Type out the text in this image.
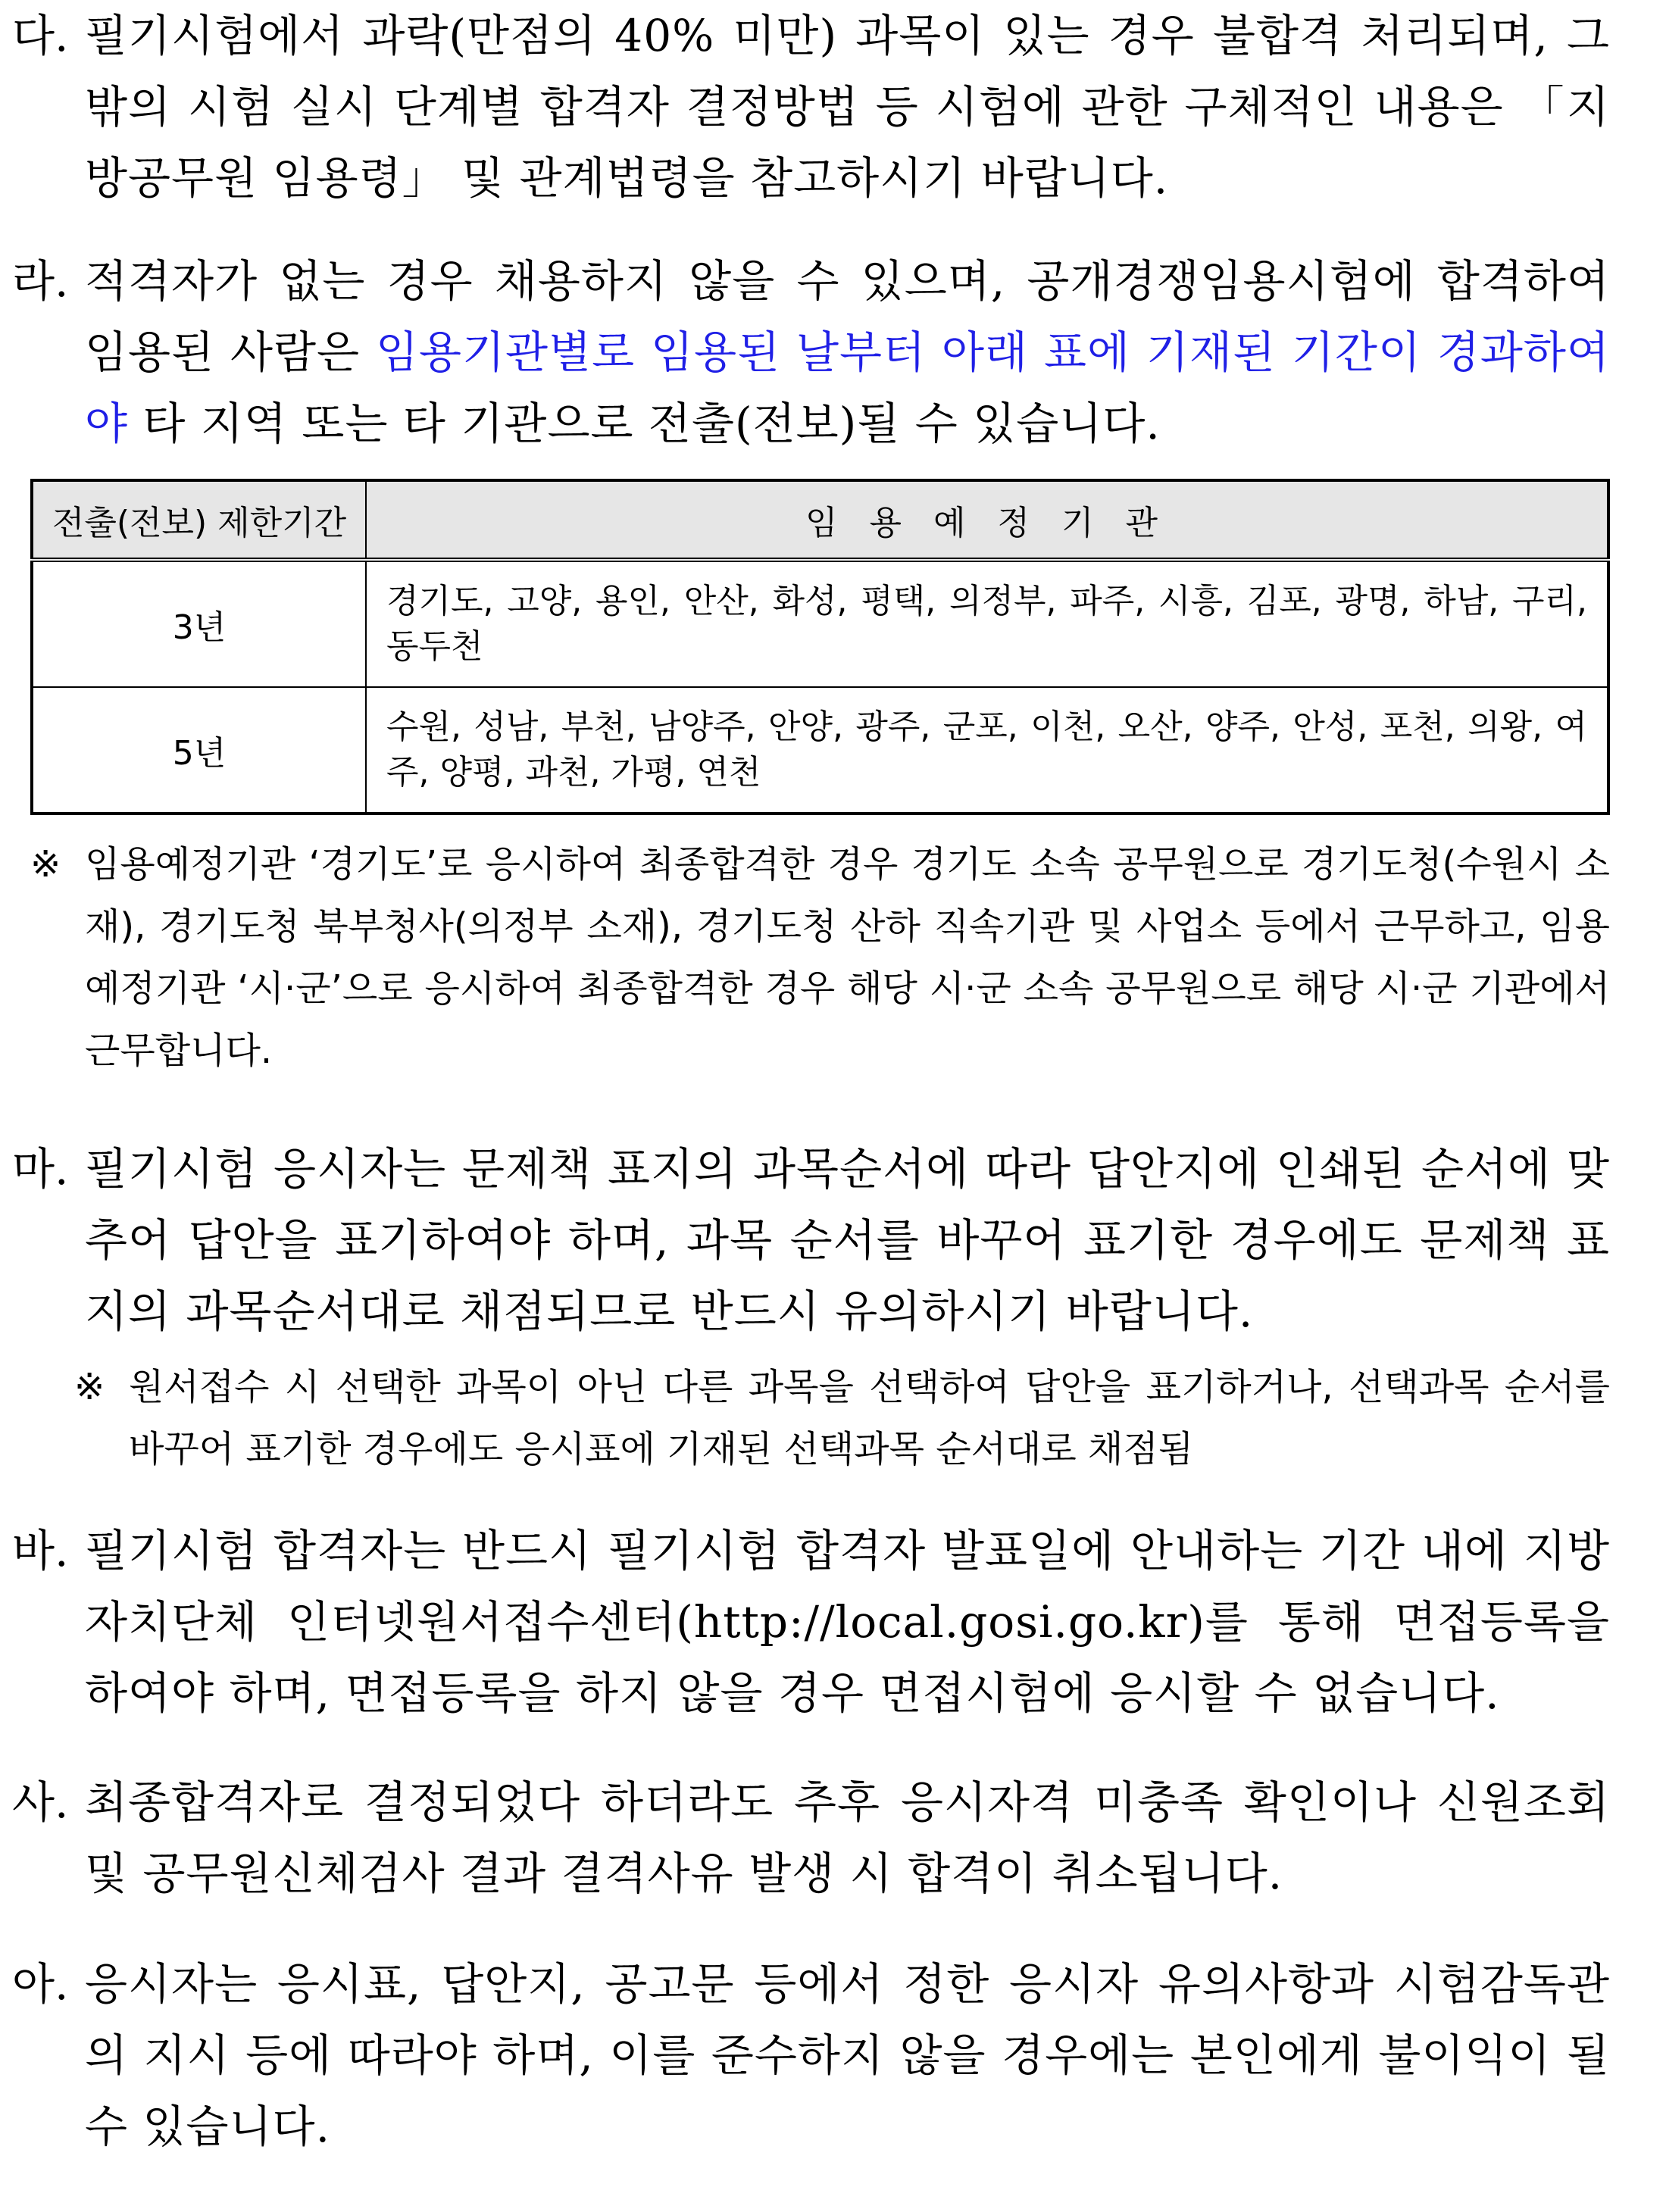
다. 필기시험에서 과락(만점의 40% 미만) 과목이 있는 경우 불합격 처리되며, 그 밖의 시험 실시 단계별 합격자 결정방법 등 시험에 관한 구체적인 내용은 「지방공무원 임용령」 및 관계법령을 참고하시기 바랍니다.
라. 적격자가 없는 경우 채용하지 않을 수 있으며, 공개경쟁임용시험에 합격하여 임용된 사람은 임용기관별로 임용된 날부터 아래 표에 기재된 기간이 경과하여야 타 지역 또는 타 기관으로 전출(전보)될 수 있습니다.
전출(전보) 제한기간	임 용 예 정 기 관
3년	경기도, 고양, 용인, 안산, 화성, 평택, 의정부, 파주, 시흥, 김포, 광명, 하남, 구리, 동두천
5년	수원, 성남, 부천, 남양주, 안양, 광주, 군포, 이천, 오산, 양주, 안성, 포천, 의왕, 여주, 양평, 과천, 가평, 연천
※ 임용예정기관 ‘경기도’로 응시하여 최종합격한 경우 경기도 소속 공무원으로 경기도청(수원시 소재), 경기도청 북부청사(의정부 소재), 경기도청 산하 직속기관 및 사업소 등에서 근무하고, 임용예정기관 ‘시·군’으로 응시하여 최종합격한 경우 해당 시·군 소속 공무원으로 해당 시·군 기관에서 근무합니다.
마. 필기시험 응시자는 문제책 표지의 과목순서에 따라 답안지에 인쇄된 순서에 맞추어 답안을 표기하여야 하며, 과목 순서를 바꾸어 표기한 경우에도 문제책 표지의 과목순서대로 채점되므로 반드시 유의하시기 바랍니다.
※ 원서접수 시 선택한 과목이 아닌 다른 과목을 선택하여 답안을 표기하거나, 선택과목 순서를 바꾸어 표기한 경우에도 응시표에 기재된 선택과목 순서대로 채점됨
바. 필기시험 합격자는 반드시 필기시험 합격자 발표일에 안내하는 기간 내에 지방자치단체 인터넷원서접수센터(http://local.gosi.go.kr)를 통해 면접등록을 하여야 하며, 면접등록을 하지 않을 경우 면접시험에 응시할 수 없습니다.
사. 최종합격자로 결정되었다 하더라도 추후 응시자격 미충족 확인이나 신원조회 및 공무원신체검사 결과 결격사유 발생 시 합격이 취소됩니다.
아. 응시자는 응시표, 답안지, 공고문 등에서 정한 응시자 유의사항과 시험감독관의 지시 등에 따라야 하며, 이를 준수하지 않을 경우에는 본인에게 불이익이 될 수 있습니다.
